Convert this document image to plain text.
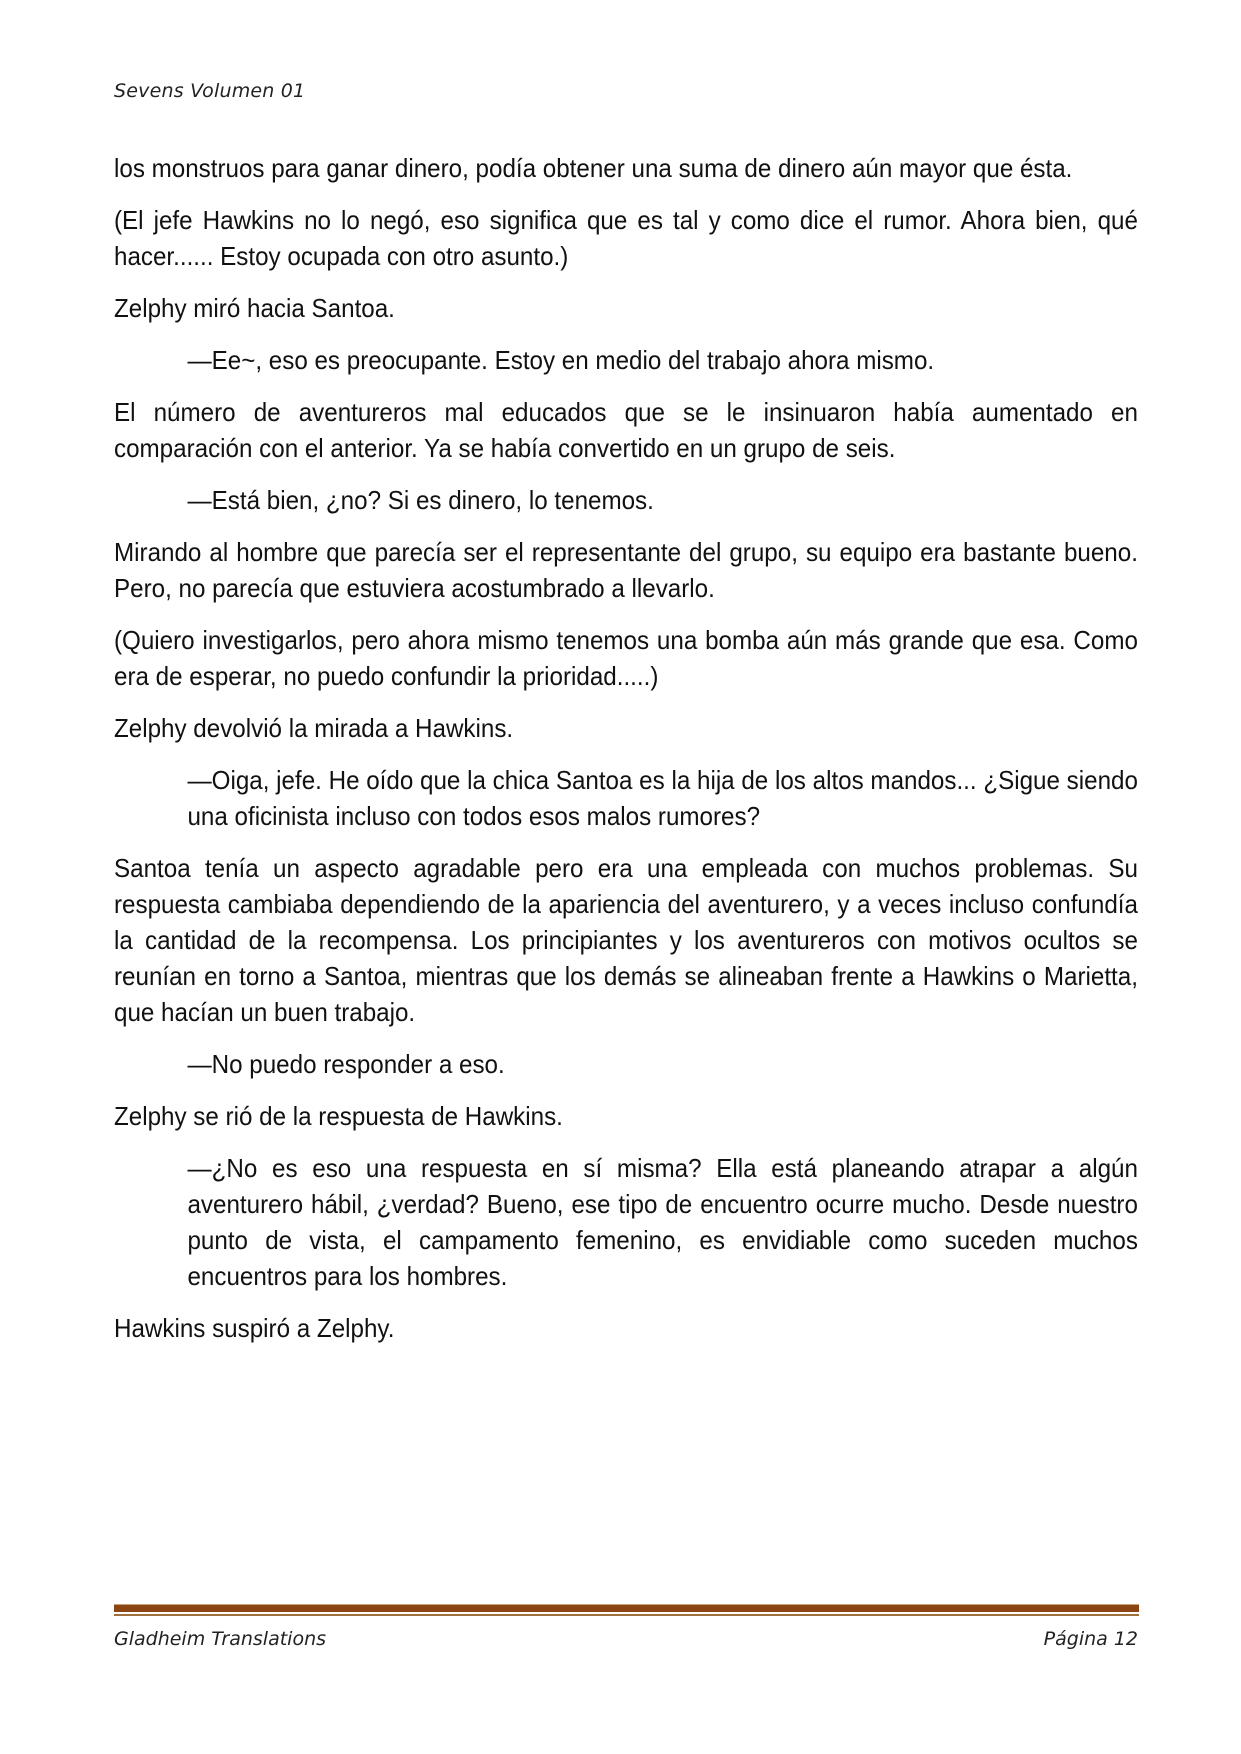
Sevens Volumen 01

los monstruos para ganar dinero, podía obtener una suma de dinero aún mayor que ésta.

(El jefe Hawkins no lo negó, eso significa que es tal y como dice el rumor. Ahora bien, qué hacer...... Estoy ocupada con otro asunto.)

Zelphy miró hacia Santoa.

—Ee~, eso es preocupante. Estoy en medio del trabajo ahora mismo.

El número de aventureros mal educados que se le insinuaron había aumentado en comparación con el anterior. Ya se había convertido en un grupo de seis.

—Está bien, ¿no? Si es dinero, lo tenemos.

Mirando al hombre que parecía ser el representante del grupo, su equipo era bastante bueno. Pero, no parecía que estuviera acostumbrado a llevarlo.

(Quiero investigarlos, pero ahora mismo tenemos una bomba aún más grande que esa. Como era de esperar, no puedo confundir la prioridad.....)

Zelphy devolvió la mirada a Hawkins.

—Oiga, jefe. He oído que la chica Santoa es la hija de los altos mandos... ¿Sigue siendo una oficinista incluso con todos esos malos rumores?

Santoa tenía un aspecto agradable pero era una empleada con muchos problemas. Su respuesta cambiaba dependiendo de la apariencia del aventurero, y a veces incluso confundía la cantidad de la recompensa. Los principiantes y los aventureros con motivos ocultos se reunían en torno a Santoa, mientras que los demás se alineaban frente a Hawkins o Marietta, que hacían un buen trabajo.

—No puedo responder a eso.

Zelphy se rió de la respuesta de Hawkins.

—¿No es eso una respuesta en sí misma? Ella está planeando atrapar a algún aventurero hábil, ¿verdad? Bueno, ese tipo de encuentro ocurre mucho. Desde nuestro punto de vista, el campamento femenino, es envidiable como suceden muchos encuentros para los hombres.

Hawkins suspiró a Zelphy.

Gladheim Translations	Página 12
